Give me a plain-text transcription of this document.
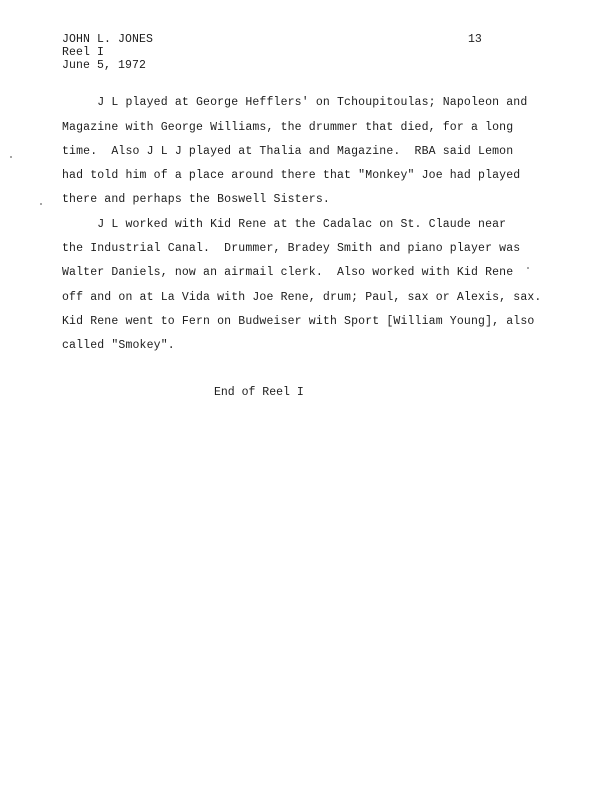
JOHN L. JONES
Reel I
June 5, 1972
13
J L played at George Hefflers' on Tchoupitoulas; Napoleon and
Magazine with George Williams, the drummer that died, for a long
time.  Also J L J played at Thalia and Magazine.  RBA said Lemon
had told him of a place around there that "Monkey" Joe had played
there and perhaps the Boswell Sisters.
J L worked with Kid Rene at the Cadalac on St. Claude near
the Industrial Canal.  Drummer, Bradey Smith and piano player was
Walter Daniels, now an airmail clerk.  Also worked with Kid Rene
off and on at La Vida with Joe Rene, drum; Paul, sax or Alexis, sax.
Kid Rene went to Fern on Budweiser with Sport [William Young], also
called "Smokey".
End of Reel I
